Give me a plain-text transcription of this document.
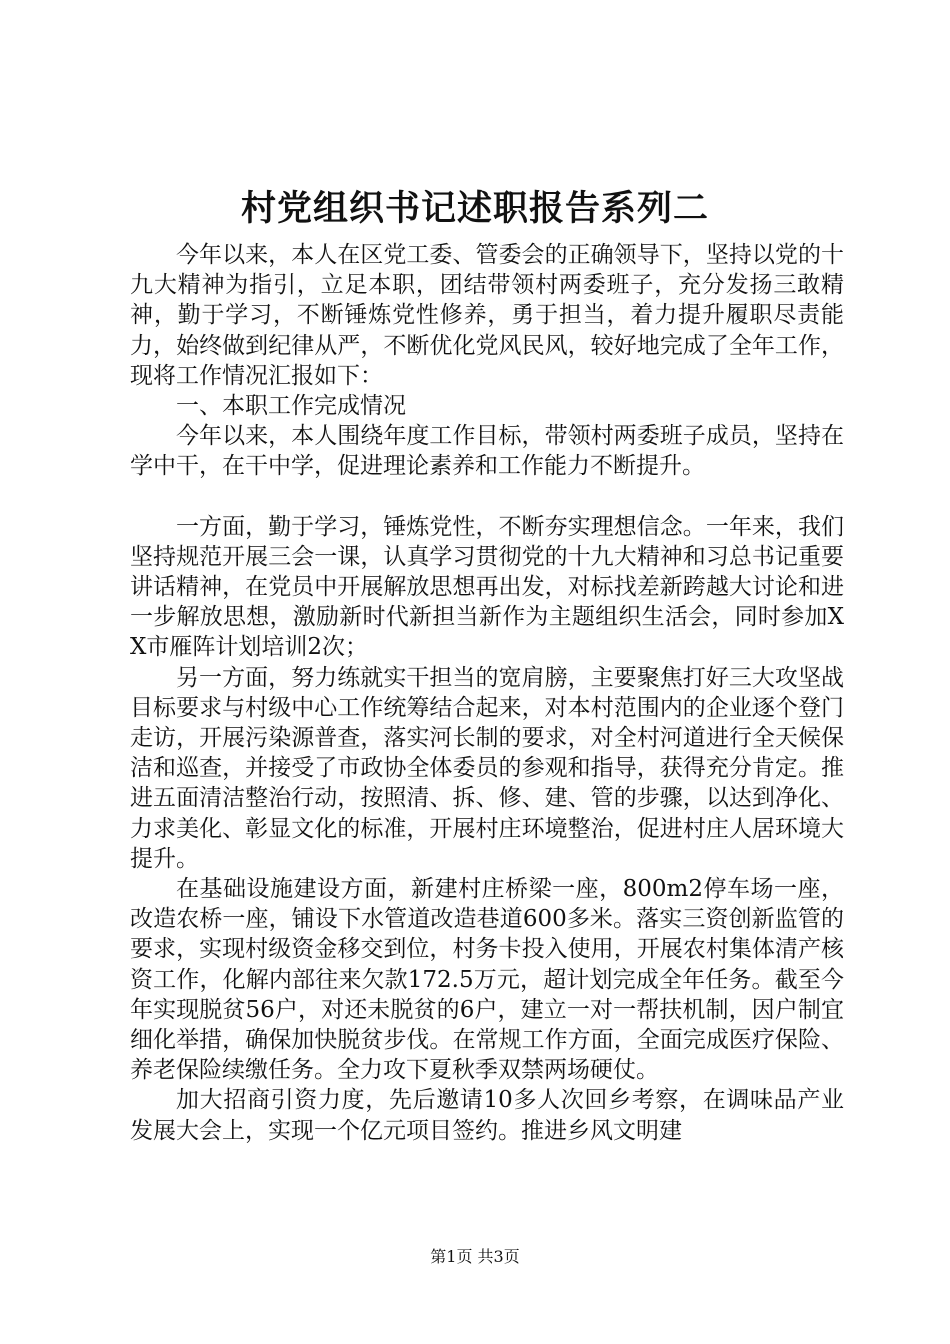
村党组织书记述职报告系列二

今年以来，本人在区党工委、管委会的正确领导下，坚持以党的十九大精神为指引，立足本职，团结带领村两委班子，充分发扬三敢精神，勤于学习，不断锤炼党性修养，勇于担当，着力提升履职尽责能力，始终做到纪律从严，不断优化党风民风，较好地完成了全年工作，现将工作情况汇报如下：

一、本职工作完成情况

今年以来，本人围绕年度工作目标，带领村两委班子成员，坚持在学中干，在干中学，促进理论素养和工作能力不断提升。

一方面，勤于学习，锤炼党性，不断夯实理想信念。一年来，我们坚持规范开展三会一课，认真学习贯彻党的十九大精神和习总书记重要讲话精神，在党员中开展解放思想再出发，对标找差新跨越大讨论和进一步解放思想，激励新时代新担当新作为主题组织生活会，同时参加XX市雁阵计划培训2次；

另一方面，努力练就实干担当的宽肩膀，主要聚焦打好三大攻坚战目标要求与村级中心工作统筹结合起来，对本村范围内的企业逐个登门走访，开展污染源普查，落实河长制的要求，对全村河道进行全天候保洁和巡查，并接受了市政协全体委员的参观和指导，获得充分肯定。推进五面清洁整治行动，按照清、拆、修、建、管的步骤，以达到净化、力求美化、彰显文化的标准，开展村庄环境整治，促进村庄人居环境大提升。

在基础设施建设方面，新建村庄桥梁一座，800m2停车场一座，改造农桥一座，铺设下水管道改造巷道600多米。落实三资创新监管的要求，实现村级资金移交到位，村务卡投入使用，开展农村集体清产核资工作，化解内部往来欠款172.5万元，超计划完成全年任务。截至今年实现脱贫56户，对还未脱贫的6户，建立一对一帮扶机制，因户制宜细化举措，确保加快脱贫步伐。在常规工作方面，全面完成医疗保险、养老保险续缴任务。全力攻下夏秋季双禁两场硬仗。

加大招商引资力度，先后邀请10多人次回乡考察，在调味品产业发展大会上，实现一个亿元项目签约。推进乡风文明建

第1页 共3页
